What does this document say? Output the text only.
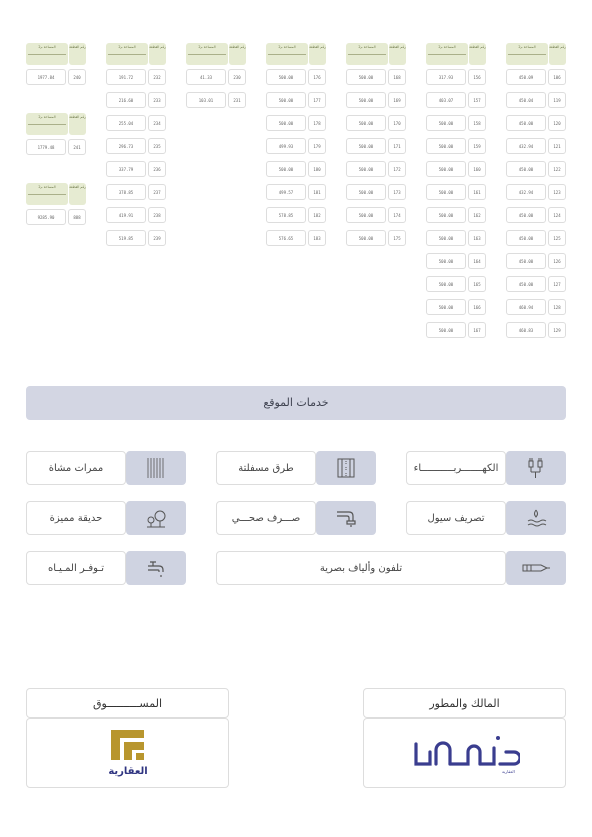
المساحة م2	رقم القطعة
450.09	106
450.04	119
450.00	120
432.94	121
450.00	122
432.94	123
450.00	124
450.00	125
450.00	126
450.00	127
460.94	128
460.83	129
المساحة م2	رقم القطعة
317.93	156
403.07	157
500.00	158
500.00	159
500.00	160
500.00	161
500.00	162
500.00	163
500.00	164
500.00	165
500.00	166
500.00	167
المساحة م2	رقم القطعة
500.00	168
500.00	169
500.00	170
500.00	171
500.00	172
500.00	173
500.00	174
500.00	175
المساحة م2	رقم القطعة
500.00	176
500.00	177
500.00	178
499.93	179
500.00	180
499.57	181
578.85	182
576.65	183
المساحة م2	رقم القطعة
41.33	230
103.01	231
المساحة م2	رقم القطعة
191.72	232
216.60	233
255.04	234
296.73	235
337.79	236
378.85	237
419.91	238
519.85	239
المساحة م2	رقم القطعة
1977.84	240
المساحة م2	رقم القطعة
1779.48	241
المساحة م2	رقم القطعة
9285.90	888
خدمات الموقع
الكهـــــــربـــــــــــاء
طرق مسفلتة
ممرات مشاة
تصريف سيول
صـــرف صحـــي
حديقة مميزة
تلفون وألياف بصرية
تـوفـر المـيـاه
المالك والمطور
المســــــــــوق
العقارية
العقارية
